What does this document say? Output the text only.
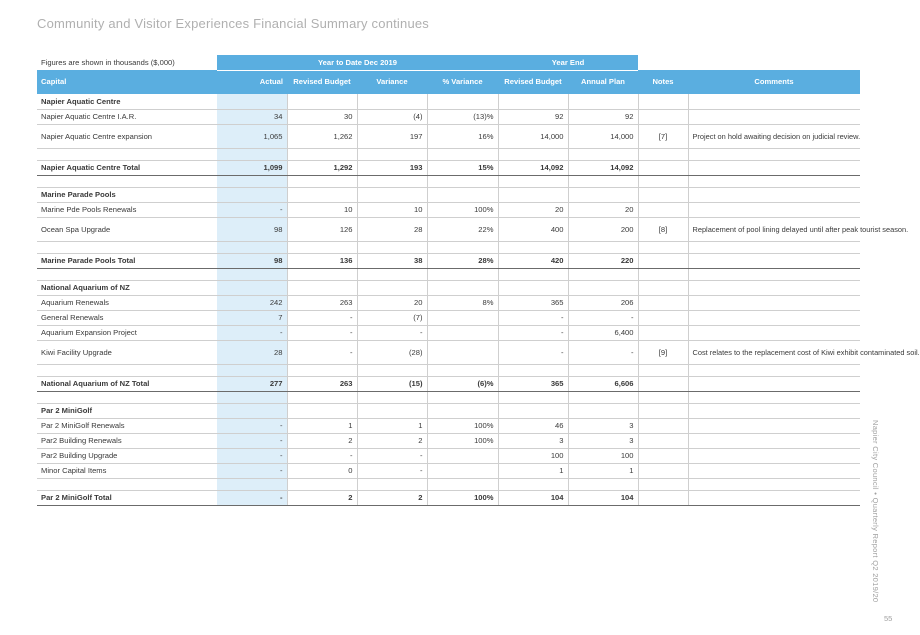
Community and Visitor Experiences Financial Summary continues
Figures are shown in thousands ($,000)	Year to Date Dec 2019				Year End			
Capital	Actual	Revised Budget	Variance	% Variance	Revised Budget	Annual Plan	Notes	Comments
Napier Aquatic Centre								
Napier Aquatic Centre I.A.R.	34	30	(4)	(13)%	92	92		
Napier Aquatic Centre expansion	1,065	1,262	197	16%	14,000	14,000	[7]	Project on hold awaiting decision on judicial review.

Napier Aquatic Centre Total	1,099	1,292	193	15%	14,092	14,092		

Marine Parade Pools								
Marine Pde Pools Renewals	-	10	10	100%	20	20		
Ocean Spa Upgrade	98	126	28	22%	400	200	[8]	Replacement of pool lining delayed until after peak tourist season.

Marine Parade Pools Total	98	136	38	28%	420	220		

National Aquarium of NZ								
Aquarium Renewals	242	263	20	8%	365	206		
General Renewals	7	-	(7)		-	-		
Aquarium Expansion Project	-	-	-		-	6,400		
Kiwi Facility Upgrade	28	-	(28)		-	-	[9]	Cost relates to the replacement cost of Kiwi exhibit contaminated soil.

National Aquarium of NZ Total	277	263	(15)	(6)%	365	6,606		

Par 2 MiniGolf								
Par 2 MiniGolf Renewals	-	1	1	100%	46	3		
Par2 Building Renewals	-	2	2	100%	3	3		
Par2 Building Upgrade	-	-	-		100	100		
Minor Capital Items	-	0	-		1	1		

Par 2 MiniGolf Total	-	2	2	100%	104	104			Napier City Council • Quarterly Report Q2 2019/20
55
